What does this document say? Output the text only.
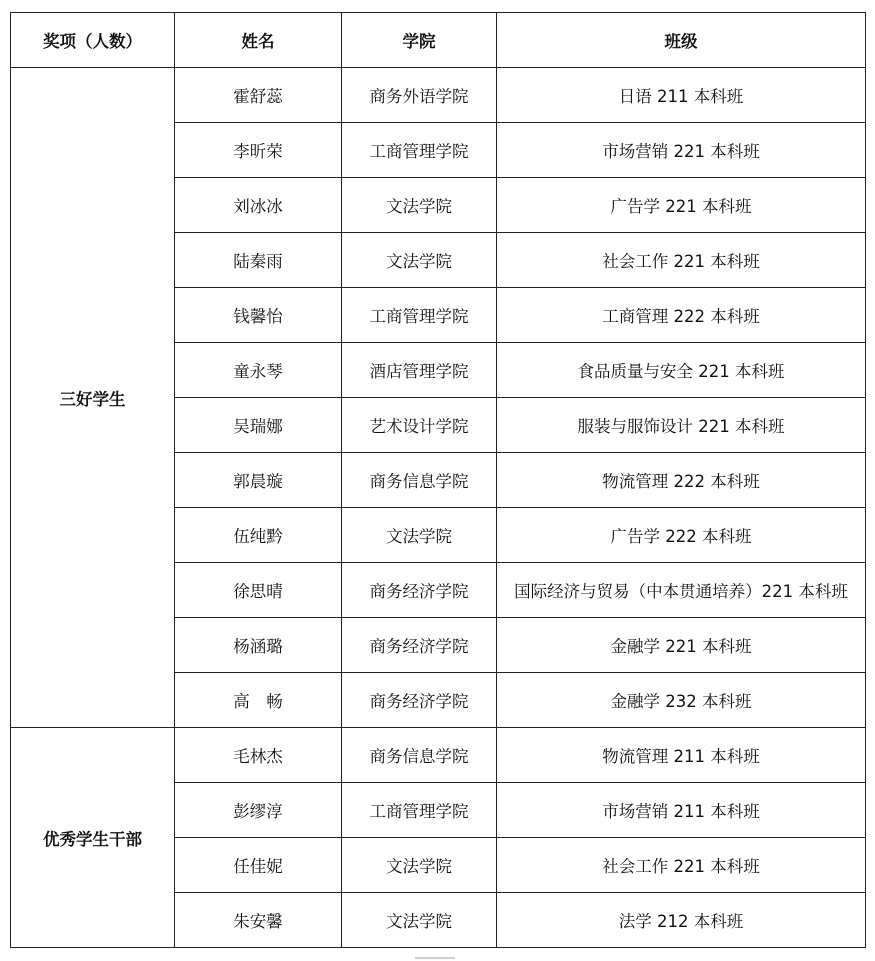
奖项（人数）	姓名	学院	班级
三好学生	霍舒蕊	商务外语学院	日语 211 本科班
	李昕荣	工商管理学院	市场营销 221 本科班
	刘冰冰	文法学院	广告学 221 本科班
	陆秦雨	文法学院	社会工作 221 本科班
	钱馨怡	工商管理学院	工商管理 222 本科班
	童永琴	酒店管理学院	食品质量与安全 221 本科班
	吴瑞娜	艺术设计学院	服装与服饰设计 221 本科班
	郭晨璇	商务信息学院	物流管理 222 本科班
	伍纯黔	文法学院	广告学 222 本科班
	徐思晴	商务经济学院	国际经济与贸易（中本贯通培养）221 本科班
	杨涵璐	商务经济学院	金融学 221 本科班
	高　畅	商务经济学院	金融学 232 本科班
优秀学生干部	毛林杰	商务信息学院	物流管理 211 本科班
	彭缪淳	工商管理学院	市场营销 211 本科班
	任佳妮	文法学院	社会工作 221 本科班
	朱安馨	文法学院	法学 212 本科班
